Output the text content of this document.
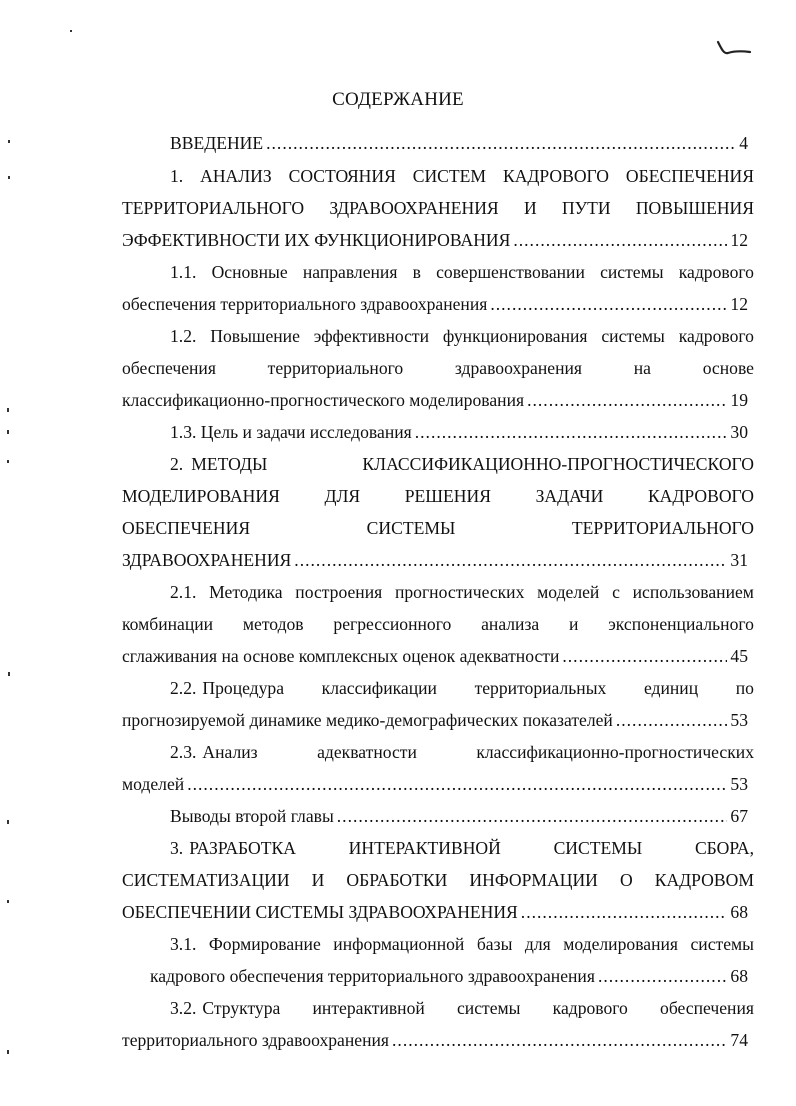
СОДЕРЖАНИЕ
ВВЕДЕНИЕ .....	4
1. АНАЛИЗ СОСТОЯНИЯ СИСТЕМ КАДРОВОГО ОБЕСПЕЧЕНИЯ
ТЕРРИТОРИАЛЬНОГО ЗДРАВООХРАНЕНИЯ И ПУТИ ПОВЫШЕНИЯ
ЭФФЕКТИВНОСТИ ИХ ФУНКЦИОНИРОВАНИЯ .....	12
1.1. Основные направления в совершенствовании системы кадрового
обеспечения территориального здравоохранения .....	12
1.2. Повышение эффективности функционирования системы кадрового
обеспечения	территориального	здравоохранения	на	основе
классификационно-прогностического моделирования .....	19
1.3. Цель и задачи исследования .....	30
2. МЕТОДЫ	КЛАССИФИКАЦИОННО-ПРОГНОСТИЧЕСКОГО
МОДЕЛИРОВАНИЯ	ДЛЯ	РЕШЕНИЯ	ЗАДАЧИ	КАДРОВОГО
ОБЕСПЕЧЕНИЯ	СИСТЕМЫ	ТЕРРИТОРИАЛЬНОГО
ЗДРАВООХРАНЕНИЯ .....	31
2.1. Методика построения прогностических моделей с использованием
комбинации методов регрессионного анализа и экспоненциального
сглаживания на основе комплексных оценок адекватности .....	45
2.2. Процедура классификации территориальных единиц по
прогнозируемой динамике медико-демографических показателей .....	53
2.3. Анализ	адекватности	классификационно-прогностических
моделей .....	53
Выводы второй главы .....	67
3. РАЗРАБОТКА	ИНТЕРАКТИВНОЙ	СИСТЕМЫ	СБОРА,
СИСТЕМАТИЗАЦИИ И ОБРАБОТКИ ИНФОРМАЦИИ О КАДРОВОМ
ОБЕСПЕЧЕНИИ СИСТЕМЫ ЗДРАВООХРАНЕНИЯ .....	68
3.1. Формирование информационной базы для моделирования системы
кадрового обеспечения территориального здравоохранения .....	68
3.2. Структура интерактивной системы кадрового обеспечения
территориального здравоохранения .....	74
